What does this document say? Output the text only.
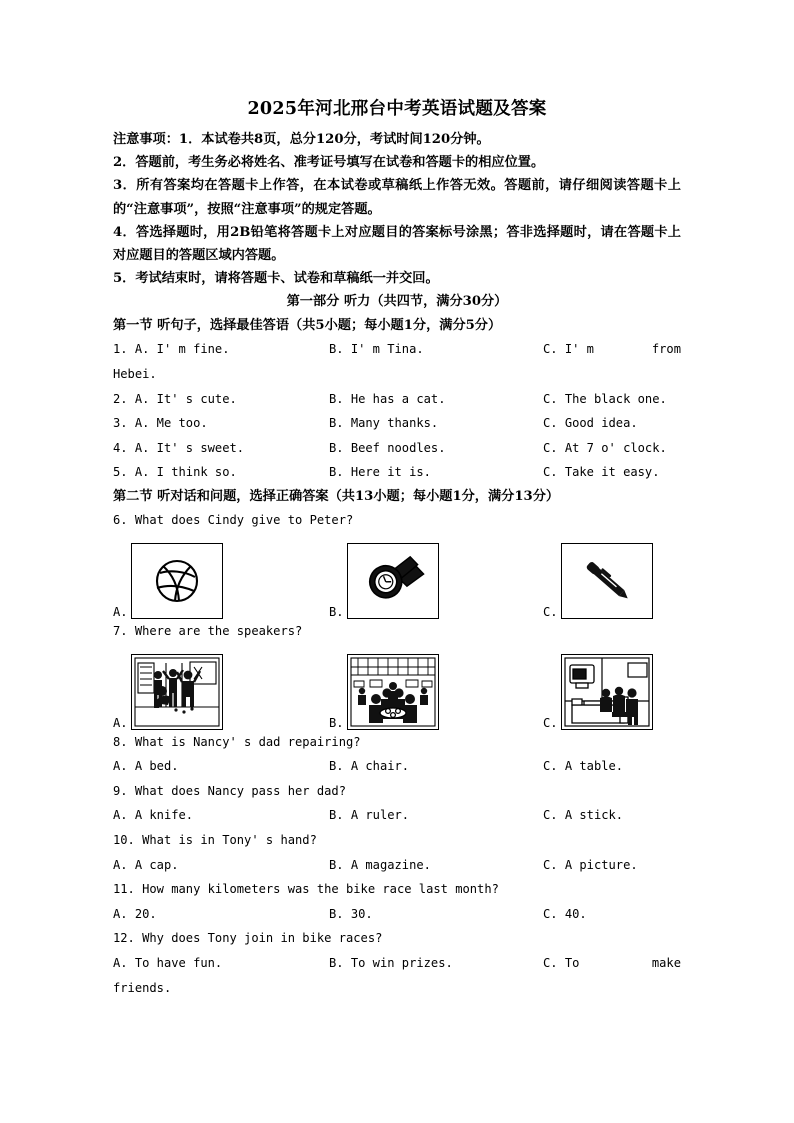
2025年河北邢台中考英语试题及答案

注意事项：1．本试卷共8页，总分120分，考试时间120分钟。

2．答题前，考生务必将姓名、准考证号填写在试卷和答题卡的相应位置。

3．所有答案均在答题卡上作答，在本试卷或草稿纸上作答无效。答题前，请仔细阅读答题卡上的“注意事项”，按照“注意事项”的规定答题。

4．答选择题时，用2B铅笔将答题卡上对应题目的答案标号涂黑；答非选择题时，请在答题卡上对应题目的答题区域内答题。

5．考试结束时，请将答题卡、试卷和草稿纸一并交回。

第一部分 听力（共四节，满分30分）

第一节 听句子，选择最佳答语（共5小题；每小题1分，满分5分）

1. A. I' m fine.

	B. I' m Tina.

	C. I' m	from

Hebei.

2. A. It' s cute.

	B. He has a cat.

	C. The black one.

3. A. Me too.

	B. Many thanks.

	C. Good idea.

4. A. It' s sweet.

	B. Beef noodles.

	C. At 7 o' clock.

5. A. I think so.

	B. Here it is.

	C. Take it easy.

第二节 听对话和问题，选择正确答案（共13小题；每小题1分，满分13分）

6. What does Cindy give to Peter?

A.	B.	C.

7. Where are the speakers?

A.	B.	C.

8. What is Nancy' s dad repairing?

A. A bed.

	B. A chair.

	C. A table.

9. What does Nancy pass her dad?

A. A knife.

	B. A ruler.

	C. A stick.

10. What is in Tony' s hand?

A. A cap.

	B. A magazine.

	C. A picture.

11. How many kilometers was the bike race last month?

A. 20.

	B. 30.

	C. 40.

12. Why does Tony join in bike races?

A. To have fun.

	B. To win prizes.

	C. To	make

friends.
